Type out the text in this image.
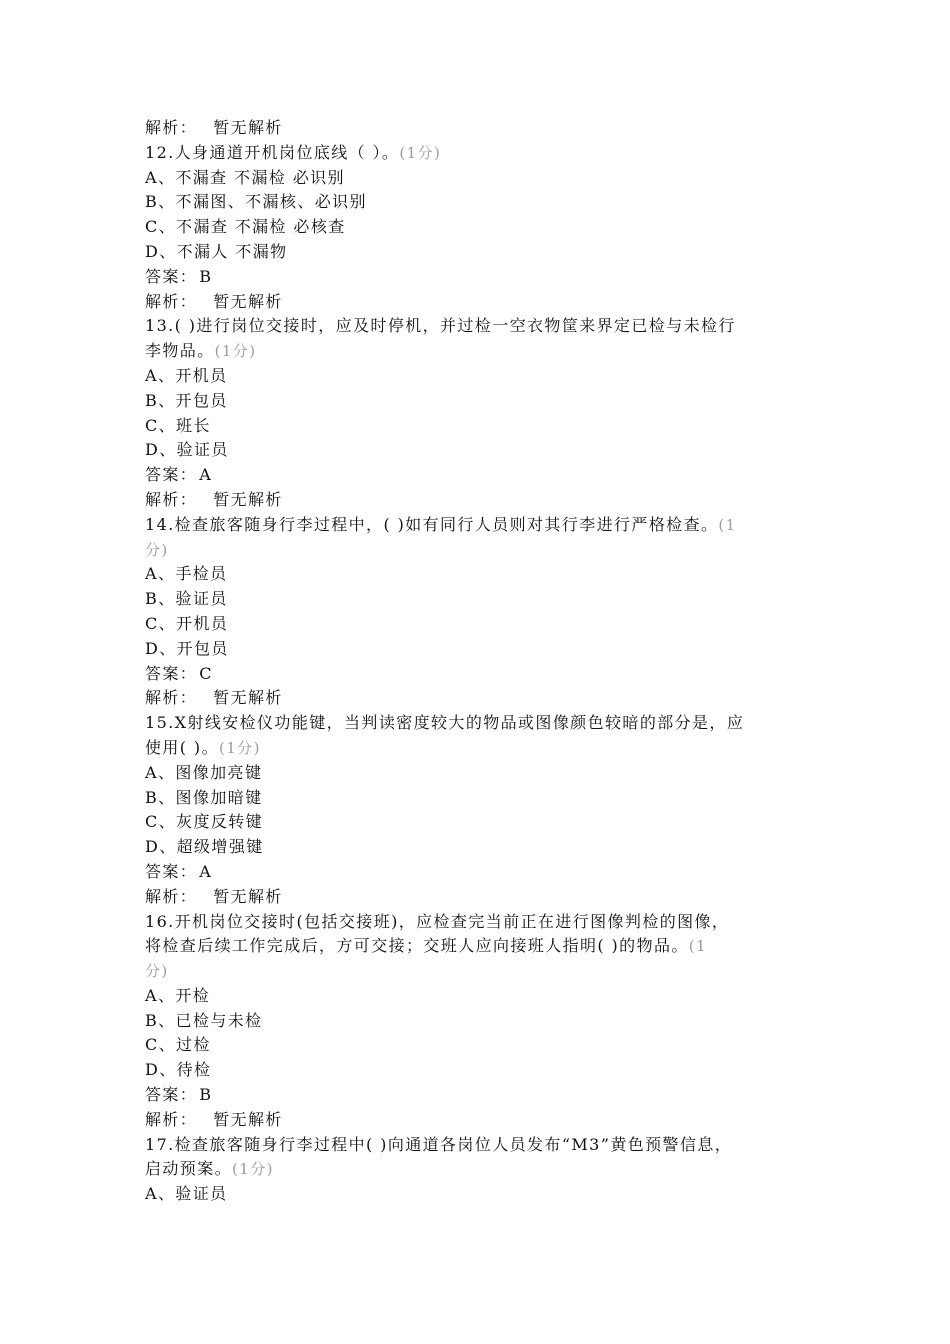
解析： 暂无解析
12.人身通道开机岗位底线（ ）。(1分)
A、不漏查 不漏检 必识别
B、不漏图、不漏核、必识别
C、不漏查 不漏检 必核查
D、不漏人 不漏物
答案： B
解析： 暂无解析
13.( )进行岗位交接时，应及时停机，并过检一空衣物筐来界定已检与未检行
李物品。(1分)
A、开机员
B、开包员
C、班长
D、验证员
答案： A
解析： 暂无解析
14.检查旅客随身行李过程中，( )如有同行人员则对其行李进行严格检查。(1
分)
A、手检员
B、验证员
C、开机员
D、开包员
答案： C
解析： 暂无解析
15.X射线安检仪功能键，当判读密度较大的物品或图像颜色较暗的部分是，应
使用( )。(1分)
A、图像加亮键
B、图像加暗键
C、灰度反转键
D、超级增强键
答案： A
解析： 暂无解析
16.开机岗位交接时(包括交接班)，应检查完当前正在进行图像判检的图像，
将检查后续工作完成后，方可交接；交班人应向接班人指明( )的物品。(1
分)
A、开检
B、已检与未检
C、过检
D、待检
答案： B
解析： 暂无解析
17.检查旅客随身行李过程中( )向通道各岗位人员发布“M3”黄色预警信息，
启动预案。(1分)
A、验证员
